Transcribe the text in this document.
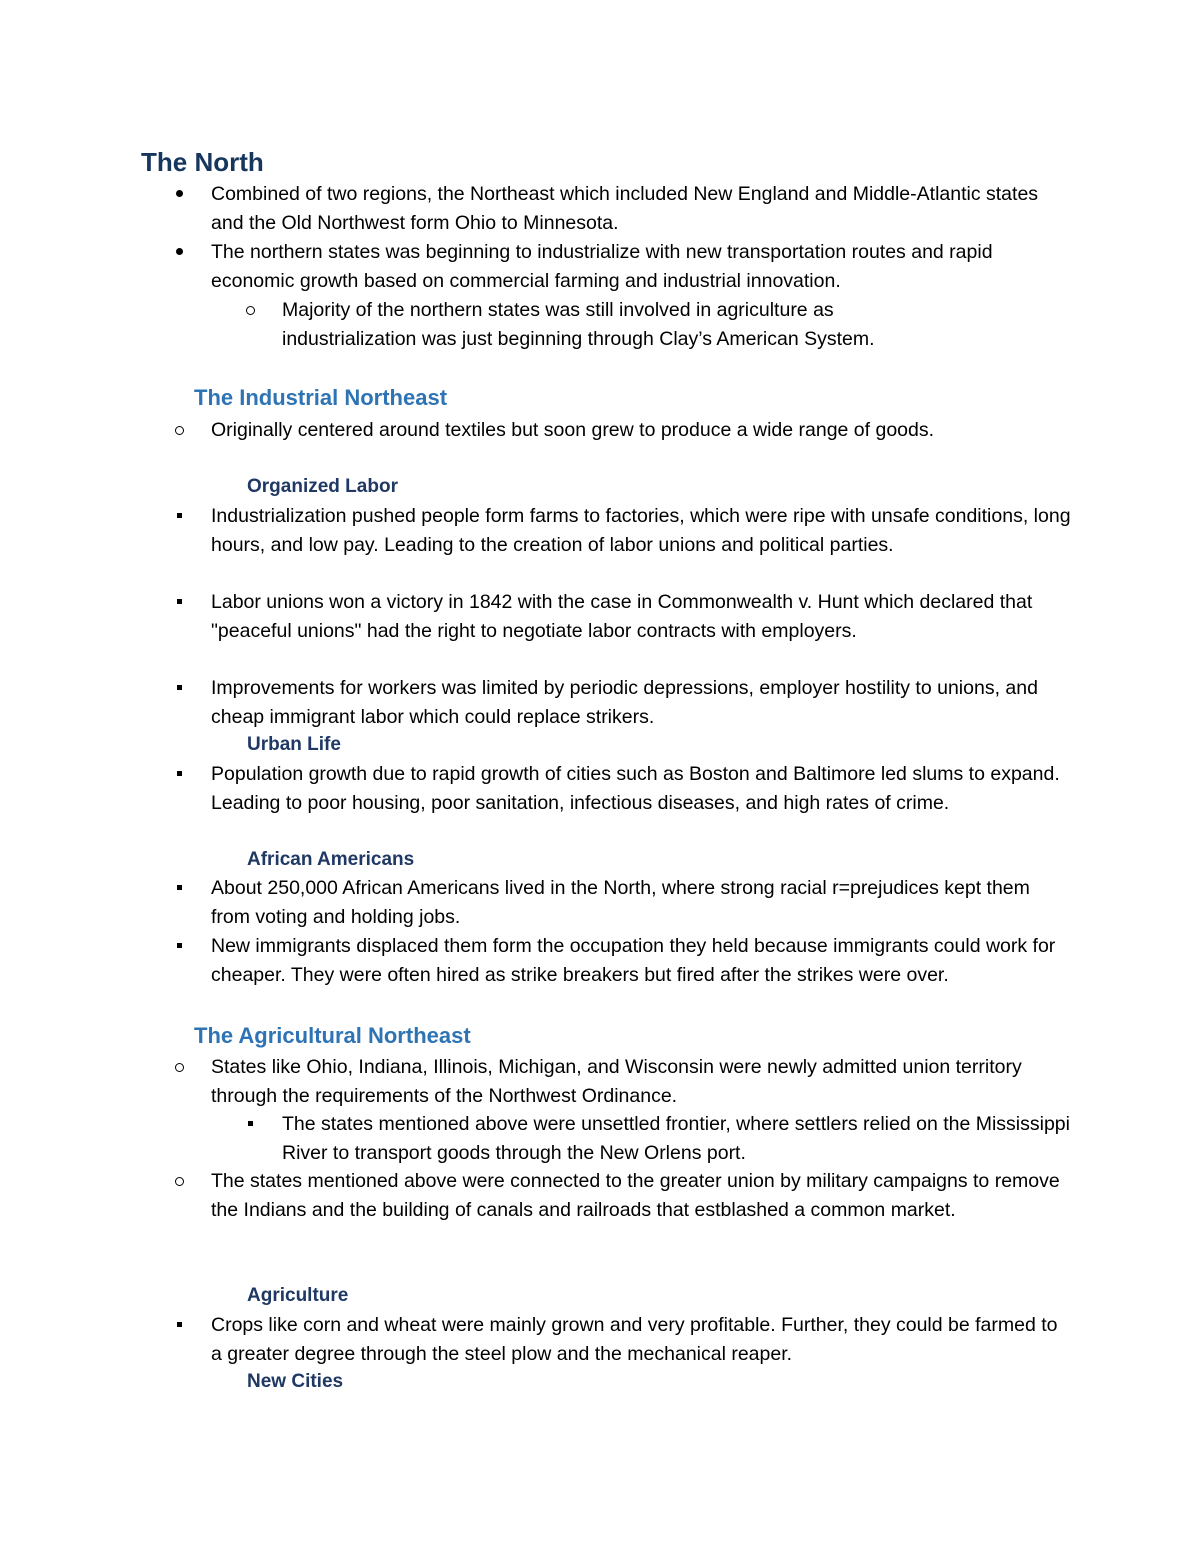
The North
Combined of two regions, the Northeast which included New England and Middle-Atlantic states and the Old Northwest form Ohio to Minnesota.
The northern states was beginning to industrialize with new transportation routes and rapid economic growth based on commercial farming and industrial innovation.
Majority of the northern states was still involved in agriculture as industrialization was just beginning through Clay’s American System.
The Industrial Northeast
Originally centered around textiles but soon grew to produce a wide range of goods.
Organized Labor
Industrialization pushed people form farms to factories, which were ripe with unsafe conditions, long hours, and low pay. Leading to the creation of labor unions and political parties.
Labor unions won a victory in 1842 with the case in Commonwealth v. Hunt which declared that "peaceful unions" had the right to negotiate labor contracts with employers.
Improvements for workers was limited by periodic depressions, employer hostility to unions, and cheap immigrant labor which could replace strikers.
Urban Life
Population growth due to rapid growth of cities such as Boston and Baltimore led slums to expand. Leading to poor housing, poor sanitation, infectious diseases, and high rates of crime.
African Americans
About 250,000 African Americans lived in the North, where strong racial r=prejudices kept them from voting and holding jobs.
New immigrants displaced them form the occupation they held because immigrants could work for cheaper. They were often hired as strike breakers but fired after the strikes were over.
The Agricultural Northeast
States like Ohio, Indiana, Illinois, Michigan, and Wisconsin were newly admitted union territory through the requirements of the Northwest Ordinance.
The states mentioned above were unsettled frontier, where settlers relied on the Mississippi River to transport goods through the New Orlens port.
The states mentioned above were connected to the greater union by military campaigns to remove the Indians and the building of canals and railroads that estblashed a common market.
Agriculture
Crops like corn and wheat were mainly grown and very profitable. Further, they could be farmed to a greater degree through the steel plow and the mechanical reaper.
New Cities
